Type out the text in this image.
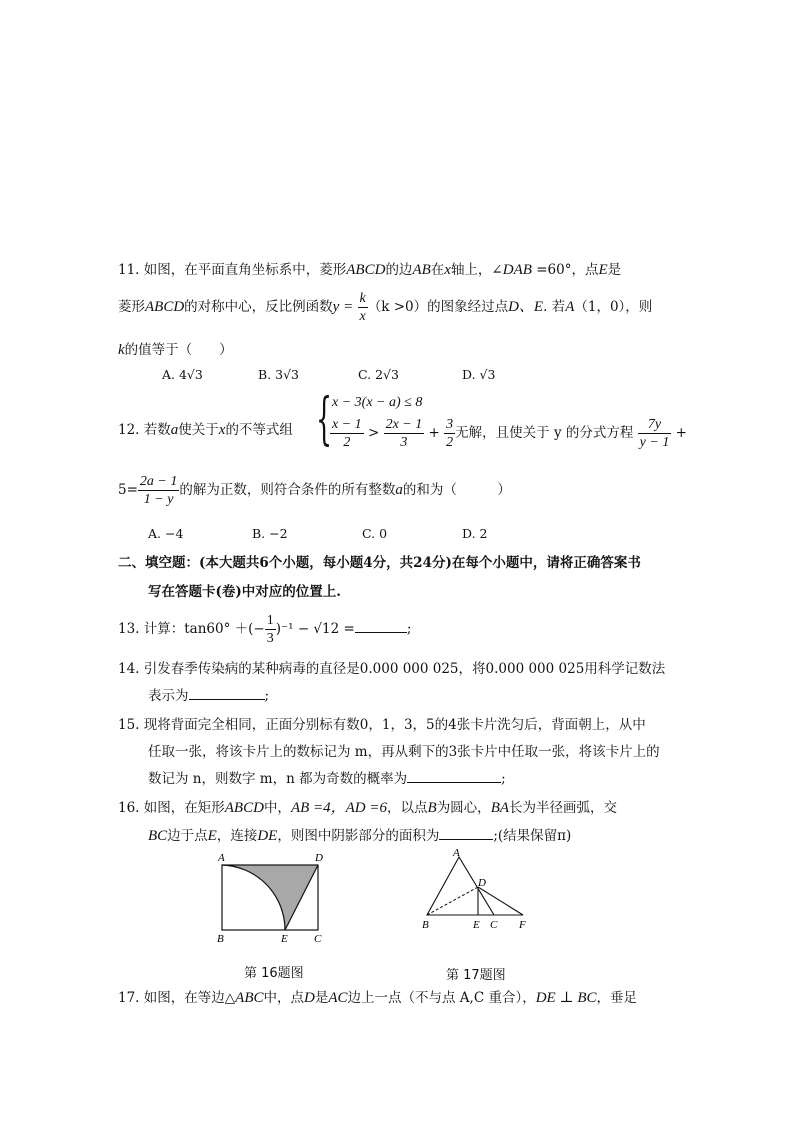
11. 如图，在平面直角坐标系中，菱形ABCD的边AB在x轴上，∠DAB =60°，点E是
菱形ABCD的对称中心，反比例函数$y = \frac{k}{x} (k >0)$的图象经过点D、E. 若A（1，0），则
k的值等于（　　）
A. 4√3	B. 3√3	C. 2√3	D. √3
12. 若数a使关于x的不等式组 { x − 3(x − a) ≤ 8
$\frac{x - 1}{2} > \frac{2x - 1}{3} + \frac{3}{2}$ 无解，且使关于 y 的分式方程 $\frac{7y}{y - 1}$ +
$5= \frac{2a - 1}{1 - y}$ 的解为正数，则符合条件的所有整数a的和为（　　　）
A. −4	B. −2	C. 0	D. 2
二、填空题：(本大题共6个小题，每小题4分，共24分)在每个小题中，请将正确答案书
写在答题卡(卷)中对应的位置上.
13. 计算：tan60° ＋(− $\frac{1}{3} )^{-1} - √12$ =	;
14. 引发春季传染病的某种病毒的直径是0.000 000 025，将0.000 000 025用科学记数法
表示为	;
15. 现将背面完全相同，正面分别标有数0，1，3，5的4张卡片洗匀后，背面朝上，从中
任取一张，将该卡片上的数标记为 m，再从剩下的3张卡片中任取一张，将该卡片上的
数记为 n，则数字 m，n 都为奇数的概率为	;
16. 如图，在矩形ABCD中，AB =4，AD =6，以点B为圆心，BA长为半径画弧，交
BC边于点E，连接DE，则图中阴影部分的面积为	;(结果保留π)
A	D
B	E C
第 16题图
A
D
B	E C F
第 17题图
17. 如图，在等边△ABC中，点D是AC边上一点（不与点 A,C 重合），DE ⊥ BC，垂足
